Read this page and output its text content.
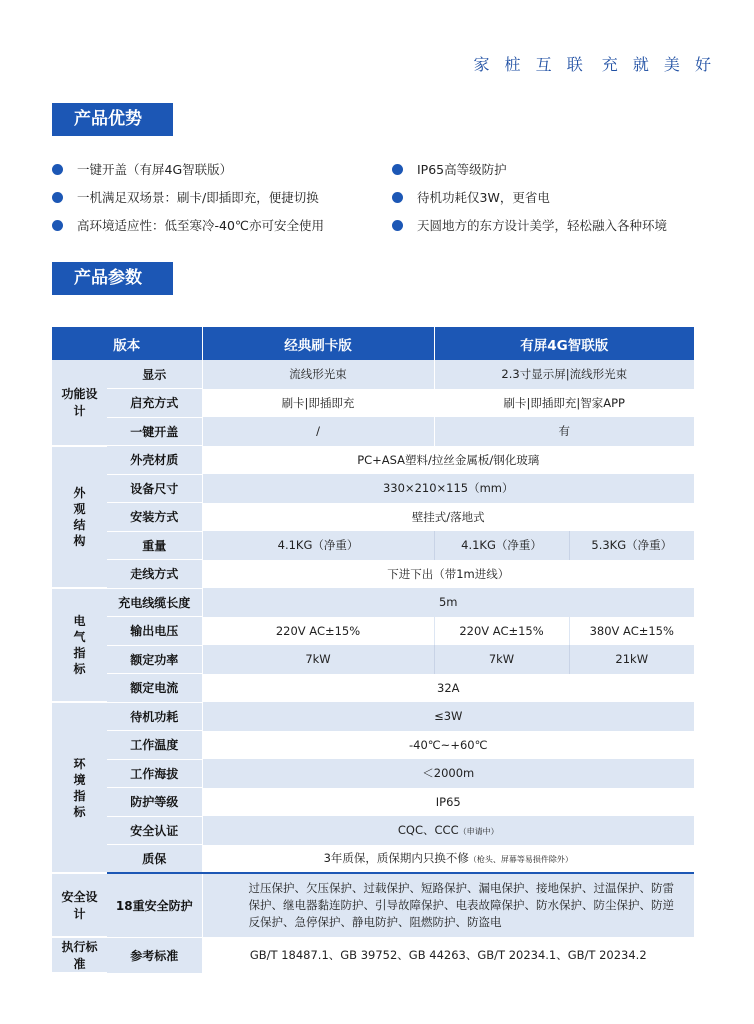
家 桩 互 联 充 就 美 好
产品优势
一键开盖（有屏4G智联版）	IP65高等级防护
一机满足双场景：刷卡/即插即充，便捷切换	待机功耗仅3W，更省电
高环境适应性：低至寒冷-40℃亦可安全使用	天圆地方的东方设计美学，轻松融入各种环境
产品参数
版本		经典刷卡版	有屏4G智联版	
功能设计	显示	流线形光束	2.3寸显示屏|流线形光束	
	启充方式	刷卡|即插即充	刷卡|即插即充|智家APP	
	一键开盖	/	有	
外观结构	外壳材质	PC+ASA塑料/拉丝金属板/钢化玻璃		
	设备尺寸	330×210×115（mm）		
	安装方式	壁挂式/落地式		
	重量	4.1KG（净重）	4.1KG（净重）	5.3KG（净重）
	走线方式	下进下出（带1m进线）		
电气指标	充电线缆长度	5m		
	输出电压	220V AC±15%	220V AC±15%	380V AC±15%
	额定功率	7kW	7kW	21kW
	额定电流	32A		
环境指标	待机功耗	≤3W		
	工作温度	-40℃~+60℃		
	工作海拔	＜2000m		
	防护等级	IP65		
	安全认证	CQC、CCC（申请中）		
	质保	3年质保，质保期内只换不修（枪头、屏幕等易损件除外）		
安全设计	18重安全防护	过压保护、欠压保护、过载保护、短路保护、漏电保护、接地保护、过温保护、防雷保护、继电器黏连防护、引导故障保护、电表故障保护、防水保护、防尘保护、防逆反保护、急停保护、静电防护、阻燃防护、防盗电		
执行标准	参考标准	GB/T 18487.1、GB 39752、GB 44263、GB/T 20234.1、GB/T 20234.2		
